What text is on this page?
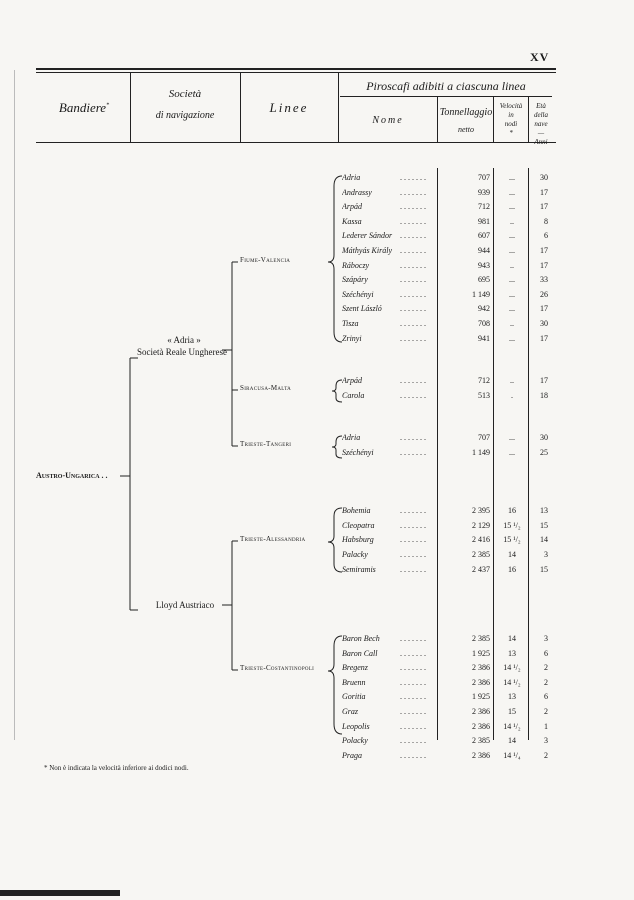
XV
Bandiere*
Società
di navigazione
Linee
Piroscafi adibiti a ciascuna linea
Nome
Tonnellaggio
netto
Velocità
in
nodi
*
Età
della
nave
—
Anni
Austro-Ungarica . .
« Adria »
Società Reale Ungherese
Lloyd Austriaco
Fiume-Valencia
Siracusa-Malta
Trieste-Tangeri
Trieste-Alessandria
Trieste-Costantinopoli
Adria	.......	707	...	30
Andrassy	.......	939	...	17
Arpád	.......	712	...	17
Kassa	.......	981	..	8
Lederer Sándor .......	607	...	6
Máthyás Király	.......	944	...	17
Ráboczy	.......	943	..	17
Szápáry	.......	695	...	33
Széchényi	.......	1 149	...	26
Szent László	.......	942	...	17
Tisza	.......	708	..	30
Zrinyi	.......	941	...	17
Arpád	.......	712	..	17
Carola	.......	513	.	18
Adria	.......	707	...	30
Széchényi	.......	1 149	...	25
Bohemia	.......	2 395	16	13
Cleopatra	.......	2 129	15 ¹/₂	15
Habsburg	.......	2 416	15 ¹/₂	14
Palacky	.......	2 385	14	3
Semiramis	.......	2 437	16	15
Baron Bech	.......	2 385	14	3
Baron Call	.......	1 925	13	6
Bregenz	.......	2 386	14 ¹/₂	2
Bruenn	.......	2 386	14 ¹/₂	2
Goritia	.......	1 925	13	6
Graz	.......	2 386	15	2
Leopolis	.......	2 386	14 ¹/₂	1
Polacky	.......	2 385	14	3
Praga	.......	2 386	14 ¹/₄	2
* Non è indicata la velocità inferiore ai dodici nodi.
